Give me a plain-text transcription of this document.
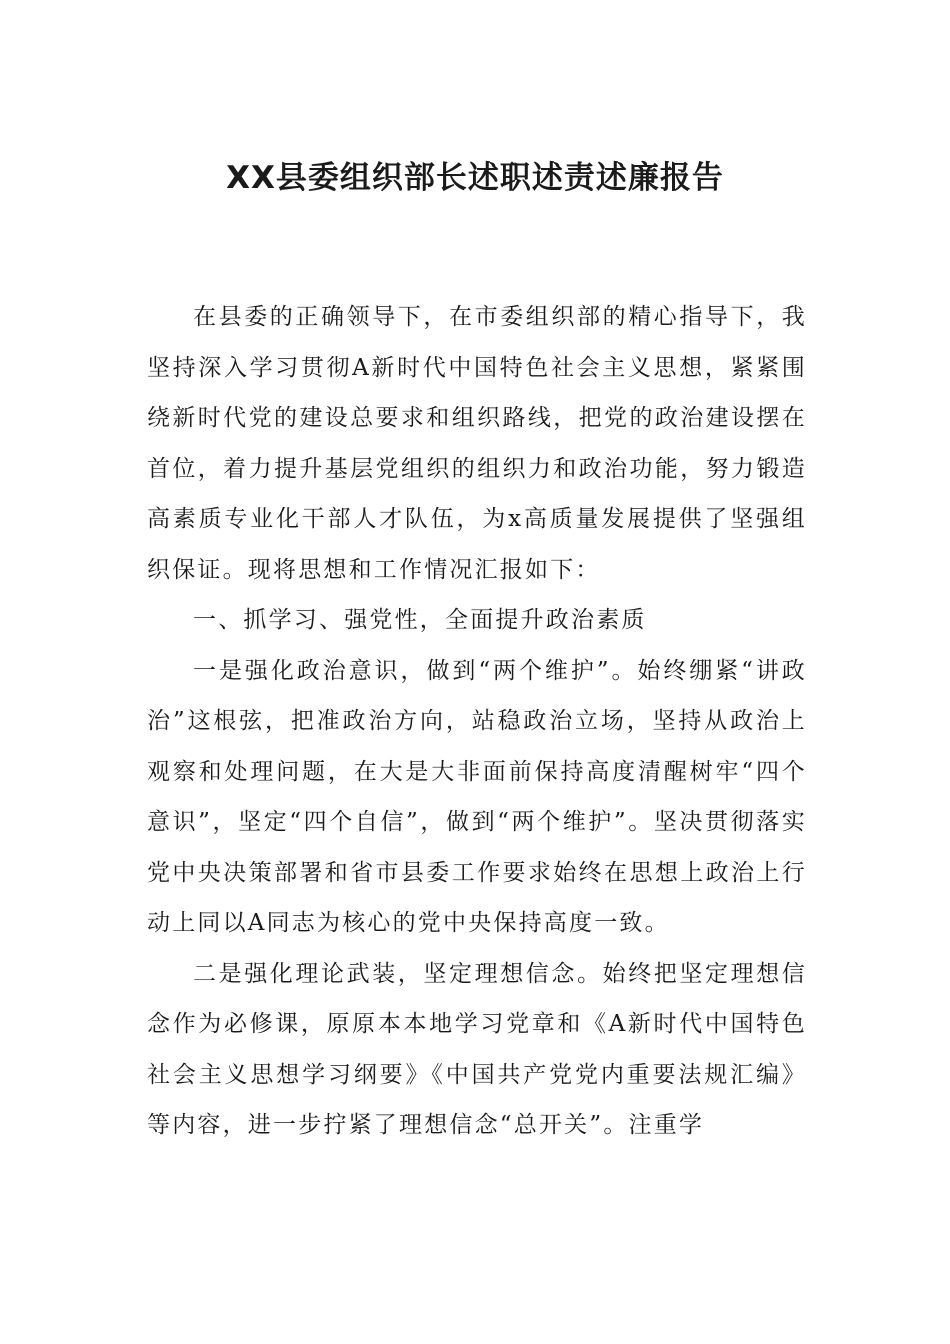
XX县委组织部长述职述责述廉报告

在县委的正确领导下，在市委组织部的精心指导下，我坚持深入学习贯彻A新时代中国特色社会主义思想，紧紧围绕新时代党的建设总要求和组织路线，把党的政治建设摆在首位，着力提升基层党组织的组织力和政治功能，努力锻造高素质专业化干部人才队伍，为x高质量发展提供了坚强组织保证。现将思想和工作情况汇报如下：

一、抓学习、强党性，全面提升政治素质

一是强化政治意识，做到“两个维护”。始终绷紧“讲政治”这根弦，把准政治方向，站稳政治立场，坚持从政治上观察和处理问题，在大是大非面前保持高度清醒树牢“四个意识”，坚定“四个自信”，做到“两个维护”。坚决贯彻落实党中央决策部署和省市县委工作要求始终在思想上政治上行动上同以A同志为核心的党中央保持高度一致。

二是强化理论武装，坚定理想信念。始终把坚定理想信念作为必修课，原原本本地学习党章和《A新时代中国特色社会主义思想学习纲要》《中国共产党党内重要法规汇编》等内容，进一步拧紧了理想信念“总开关”。注重学
